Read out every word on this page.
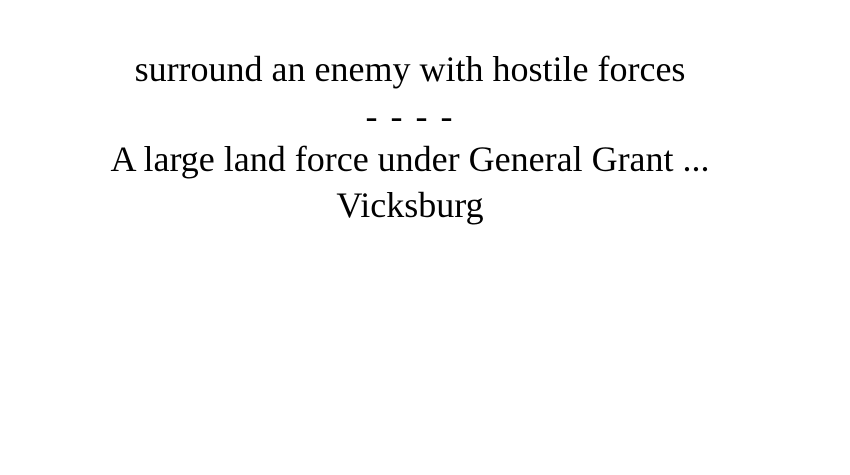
surround an enemy with hostile forces
- - - -
A large land force under General Grant ...
Vicksburg
